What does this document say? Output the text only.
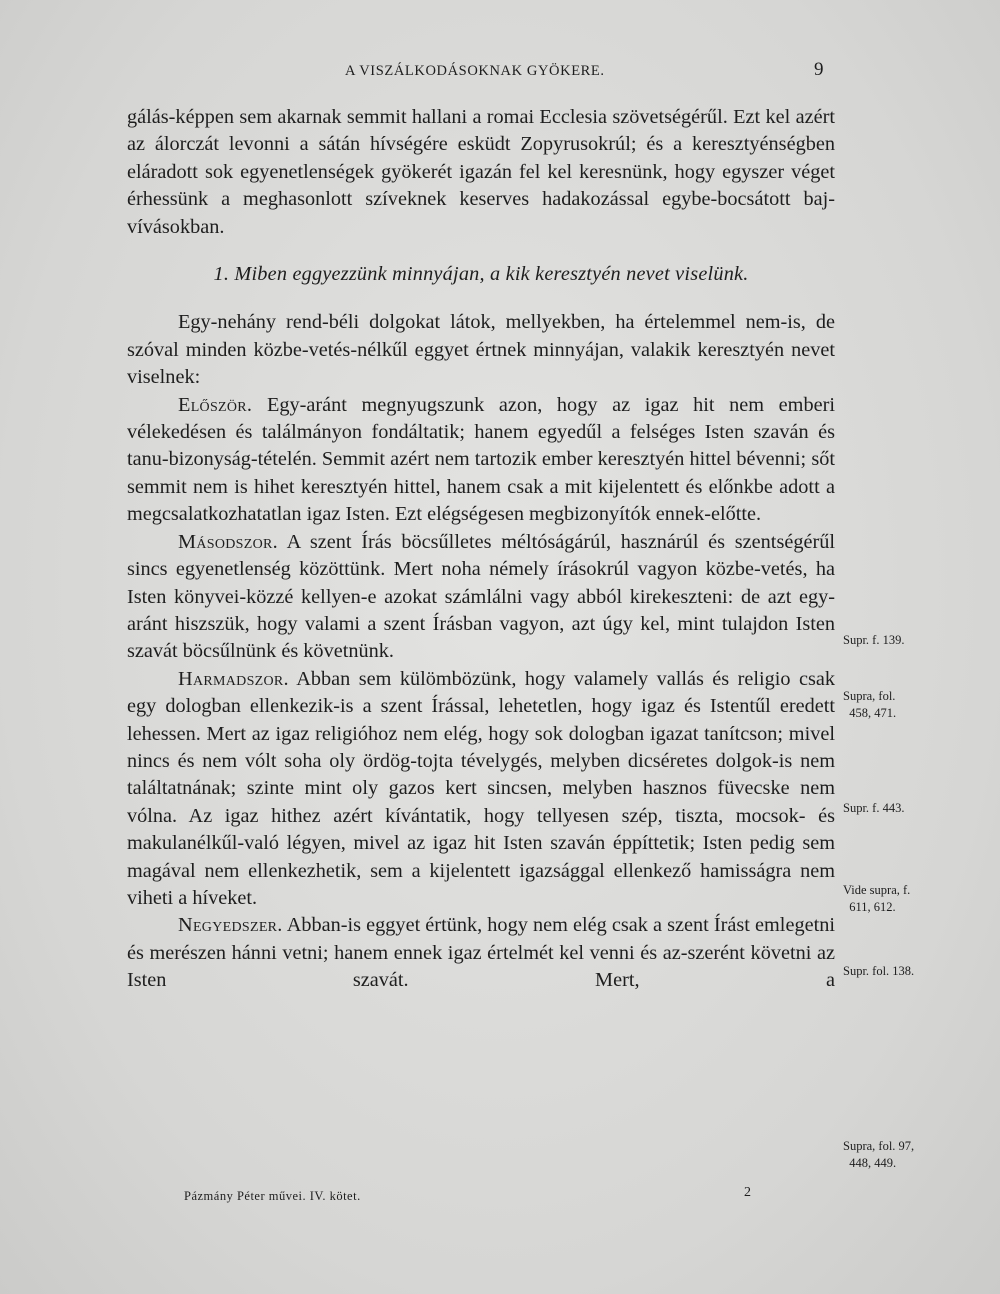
A VISZÁLKODÁSOKNAK GYÖKERE.	9

gálás-képpen sem akarnak semmit hallani a romai Ecclesia szövetségérűl. Ezt kel azért az álorczát levonni a sátán hívségére esküdt Zopyrusokrúl; és a keresztyénségben eláradott sok egyenetlenségek gyökerét igazán fel kel keresnünk, hogy egyszer véget érhessünk a meghasonlott szíveknek keserves hadakozással egybe-bocsátott baj-vívásokban.

1. Miben eggyezzünk minnyájan, a kik keresztyén nevet viselünk.

Egy-nehány rend-béli dolgokat látok, mellyekben, ha értelemmel nem-is, de szóval minden közbe-vetés-nélkűl eggyet értnek minnyájan, valakik keresztyén nevet viselnek:

Először. Egy-aránt megnyugszunk azon, hogy az igaz hit nem emberi vélekedésen és találmányon fondáltatik; hanem egyedűl a felséges Isten szaván és tanu-bizonyság-tételén. Semmit azért nem tartozik ember keresztyén hittel bévenni; sőt semmit nem is hihet keresztyén hittel, hanem csak a mit kijelentett és előnkbe adott a megcsalatkozhatatlan igaz Isten. Ezt elégségesen megbizonyítók ennek-előtte.

Másodszor. A szent Írás böcsűlletes méltóságárúl, hasznárúl és szentségérűl sincs egyenetlenség közöttünk. Mert noha némely írásokrúl vagyon közbe-vetés, ha Isten könyvei-közzé kellyen-e azokat számlálni vagy abból kirekeszteni: de azt egy-aránt hiszszük, hogy valami a szent Írásban vagyon, azt úgy kel, mint tulajdon Isten szavát böcsűlnünk és követnünk.

Harmadszor. Abban sem külömbözünk, hogy valamely vallás és religio csak egy dologban ellenkezik-is a szent Írással, lehetetlen, hogy igaz és Istentűl eredett lehessen. Mert az igaz religióhoz nem elég, hogy sok dologban igazat tanítcson; mivel nincs és nem vólt soha oly ördög-tojta tévelygés, melyben dicséretes dolgok-is nem találtatnának; szinte mint oly gazos kert sincsen, melyben hasznos füvecske nem vólna. Az igaz hithez azért kívántatik, hogy tellyesen szép, tiszta, mocsok- és makulanélkűl-való légyen, mivel az igaz hit Isten szaván éppíttetik; Isten pedig sem magával nem ellenkezhetik, sem a kijelentett igazsággal ellenkező hamisságra nem viheti a híveket.

Negyedszer. Abban-is eggyet értünk, hogy nem elég csak a szent Írást emlegetni és merészen hánni vetni; hanem ennek igaz értelmét kel venni és az-szerént követni az Isten szavát. Mert, a

Supr. f. 139.
Supra, fol.
458, 471.
Supr. f. 443.
Vide supra, f.
611, 612.
Supr. fol. 138.
Supra, fol. 97,
448, 449.
Pázmány Péter művei. IV. kötet.	2
